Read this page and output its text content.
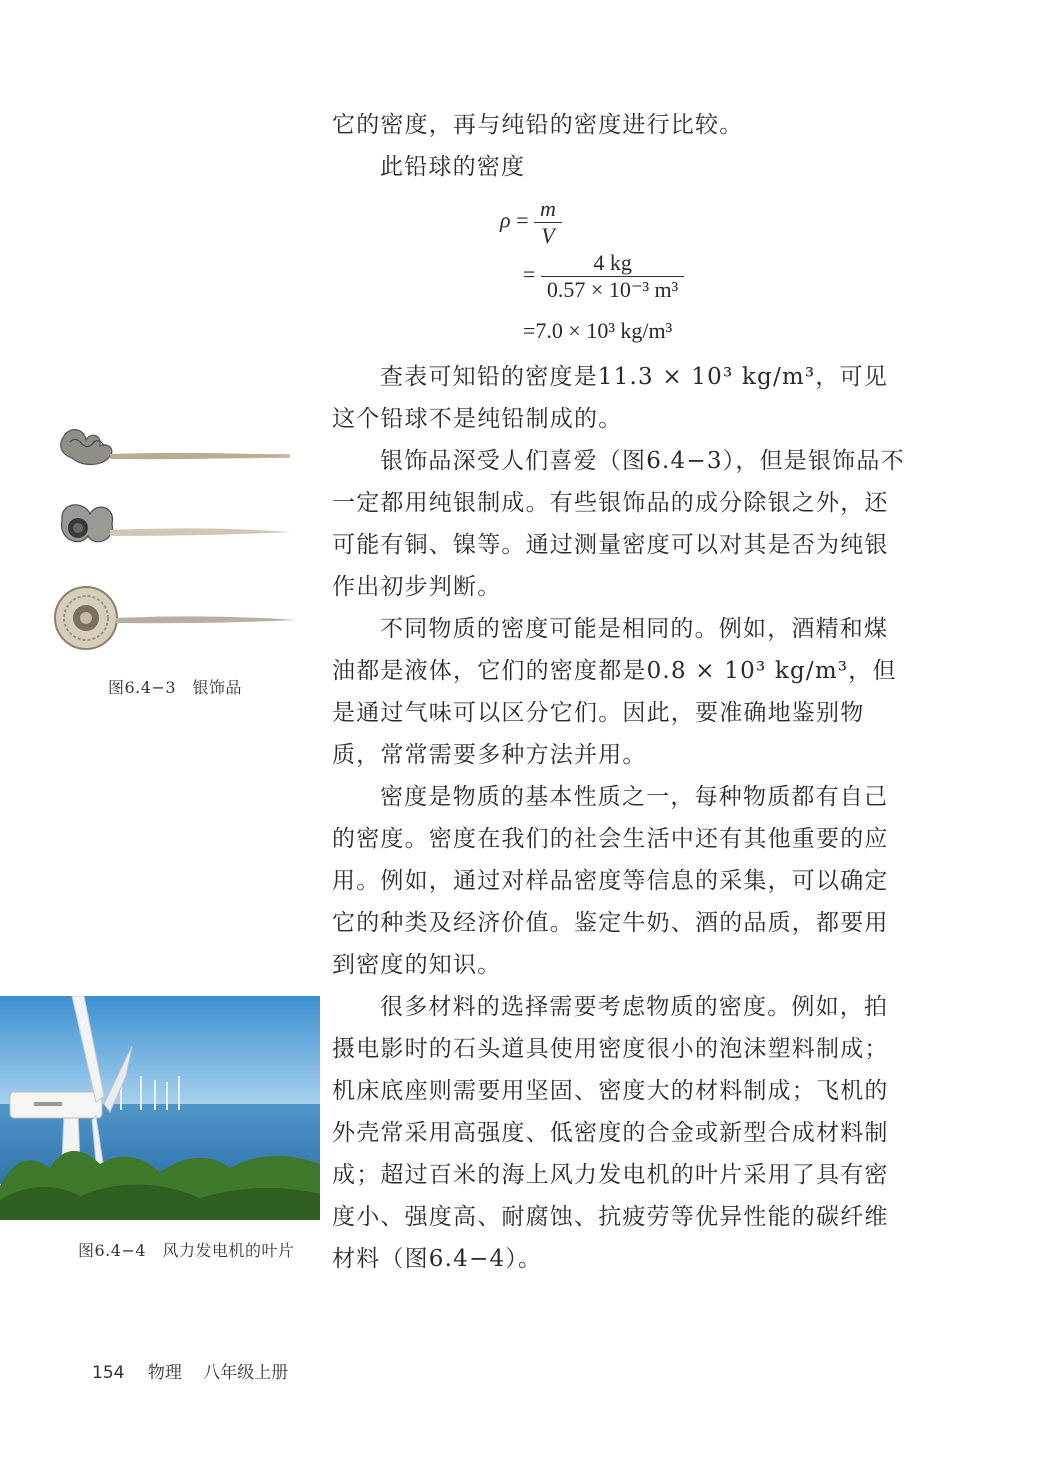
它的密度，再与纯铅的密度进行比较。

此铅球的密度

$\rho = \frac{m}{V}$
= $\frac{4 kg}{\text{0.57 × 10⁻³ m³}}$
=7.0 × 10³ kg/m³

查表可知铅的密度是11.3 × 10³ kg/m³，可见这个铅球不是纯铅制成的。

银饰品深受人们喜爱（图6.4−3），但是银饰品不一定都用纯银制成。有些银饰品的成分除银之外，还可能有铜、镍等。通过测量密度可以对其是否为纯银作出初步判断。

不同物质的密度可能是相同的。例如，酒精和煤油都是液体，它们的密度都是0.8 × 10³ kg/m³，但是通过气味可以区分它们。因此，要准确地鉴别物质，常常需要多种方法并用。

密度是物质的基本性质之一，每种物质都有自己的密度。密度在我们的社会生活中还有其他重要的应用。例如，通过对样品密度等信息的采集，可以确定它的种类及经济价值。鉴定牛奶、酒的品质，都要用到密度的知识。

很多材料的选择需要考虑物质的密度。例如，拍摄电影时的石头道具使用密度很小的泡沫塑料制成；机床底座则需要用坚固、密度大的材料制成；飞机的外壳常采用高强度、低密度的合金或新型合成材料制成；超过百米的海上风力发电机的叶片采用了具有密度小、强度高、耐腐蚀、抗疲劳等优异性能的碳纤维材料（图6.4−4）。

图6.4−3　银饰品
图6.4−4　风力发电机的叶片
154 物理 八年级上册
